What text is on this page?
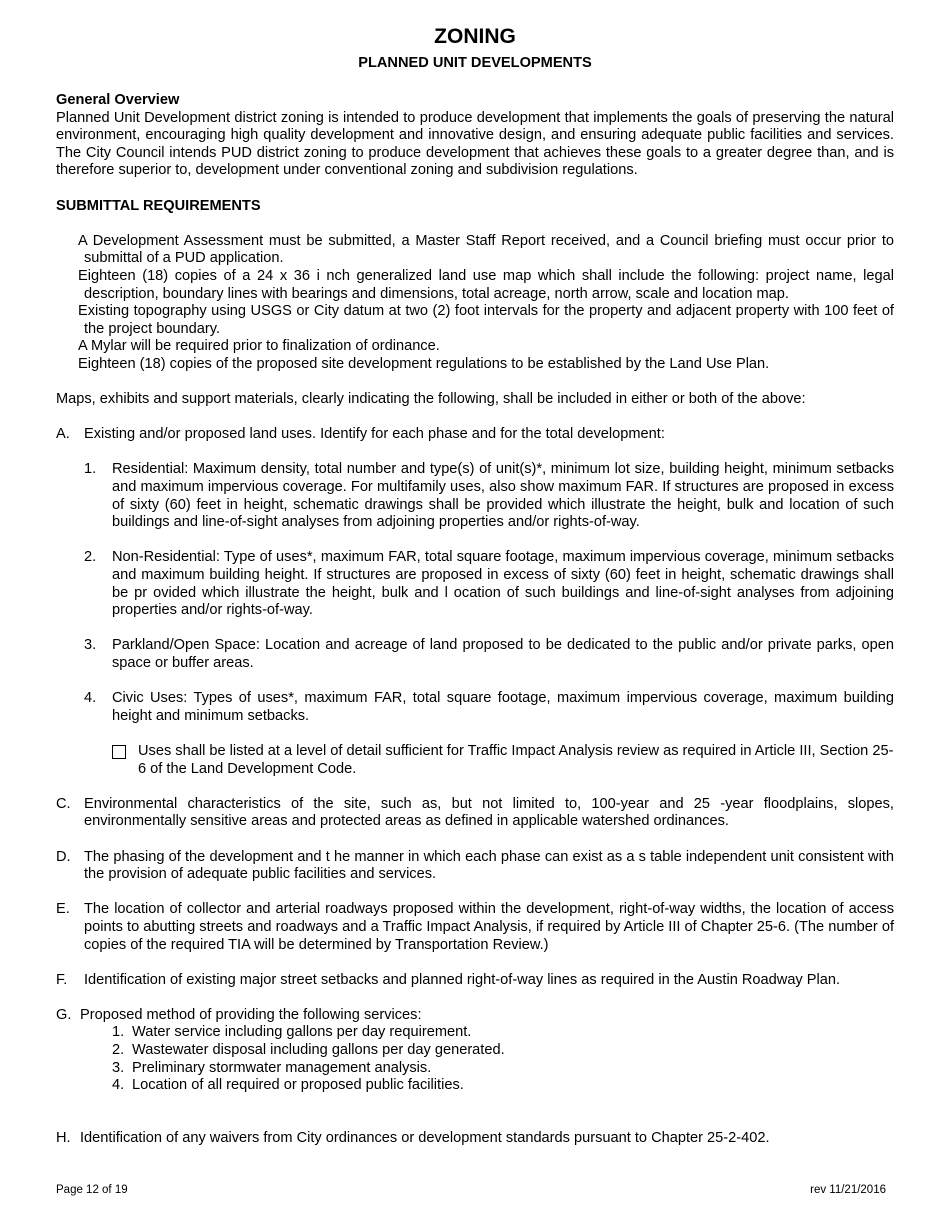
ZONING
PLANNED UNIT DEVELOPMENTS

General Overview

Planned Unit Development district zoning is intended to produce development that implements the goals of preserving the natural environment, encouraging high quality development and innovative design, and ensuring adequate public facilities and services. The City Council intends PUD district zoning to produce development that achieves these goals to a greater degree than, and is therefore superior to, development under conventional zoning and subdivision regulations.

SUBMITTAL REQUIREMENTS

A Development Assessment must be submitted, a Master Staff Report received, and a Council briefing must occur prior to submittal of a PUD application.

Eighteen (18) copies of a 24 x 36 i nch generalized land use map which shall include the following: project name, legal description, boundary lines with bearings and dimensions, total acreage, north arrow, scale and location map.

Existing topography using USGS or City datum at two (2) foot intervals for the property and adjacent property with 100 feet of the project boundary.

A Mylar will be required prior to finalization of ordinance.

Eighteen (18) copies of the proposed site development regulations to be established by the Land Use Plan.

Maps, exhibits and support materials, clearly indicating the following, shall be included in either or both of the above:

A. Existing and/or proposed land uses. Identify for each phase and for the total development:
1.	Residential: Maximum density, total number and type(s) of unit(s)*, minimum lot size, building height, minimum setbacks and maximum impervious coverage. For multifamily uses, also show maximum FAR. If structures are proposed in excess of sixty (60) feet in height, schematic drawings shall be provided which illustrate the height, bulk and location of such buildings and line-of-sight analyses from adjoining properties and/or rights-of-way.
2.	Non-Residential: Type of uses*, maximum FAR, total square footage, maximum impervious coverage, minimum setbacks and maximum building height. If structures are proposed in excess of sixty (60) feet in height, schematic drawings shall be pr ovided which illustrate the height, bulk and l ocation of such buildings and line-of-sight analyses from adjoining properties and/or rights-of-way.
3.	Parkland/Open Space: Location and acreage of land proposed to be dedicated to the public and/or private parks, open space or buffer areas.
4.	Civic Uses: Types of uses*, maximum FAR, total square footage, maximum impervious coverage, maximum building height and minimum setbacks.
Uses shall be listed at a level of detail sufficient for Traffic Impact Analysis review as required in Article III, Section 25-6 of the Land Development Code.
C. Environmental characteristics of the site, such as, but not limited to, 100-year and 25 -year floodplains, slopes, environmentally sensitive areas and protected areas as defined in applicable watershed ordinances.
D. The phasing of the development and t he manner in which each phase can exist as a s table independent unit consistent with the provision of adequate public facilities and services.
E. The location of collector and arterial roadways proposed within the development, right-of-way widths, the location of access points to abutting streets and roadways and a Traffic Impact Analysis, if required by Article III of Chapter 25-6. (The number of copies of the required TIA will be determined by Transportation Review.)
F.	Identification of existing major street setbacks and planned right-of-way lines as required in the Austin Roadway Plan.
G. Proposed method of providing the following services:
1. Water service including gallons per day requirement.
2. Wastewater disposal including gallons per day generated.
3. Preliminary stormwater management analysis.
4. Location of all required or proposed public facilities.
H. Identification of any waivers from City ordinances or development standards pursuant to Chapter 25-2-402.
Page 12 of 19	rev 11/21/2016
